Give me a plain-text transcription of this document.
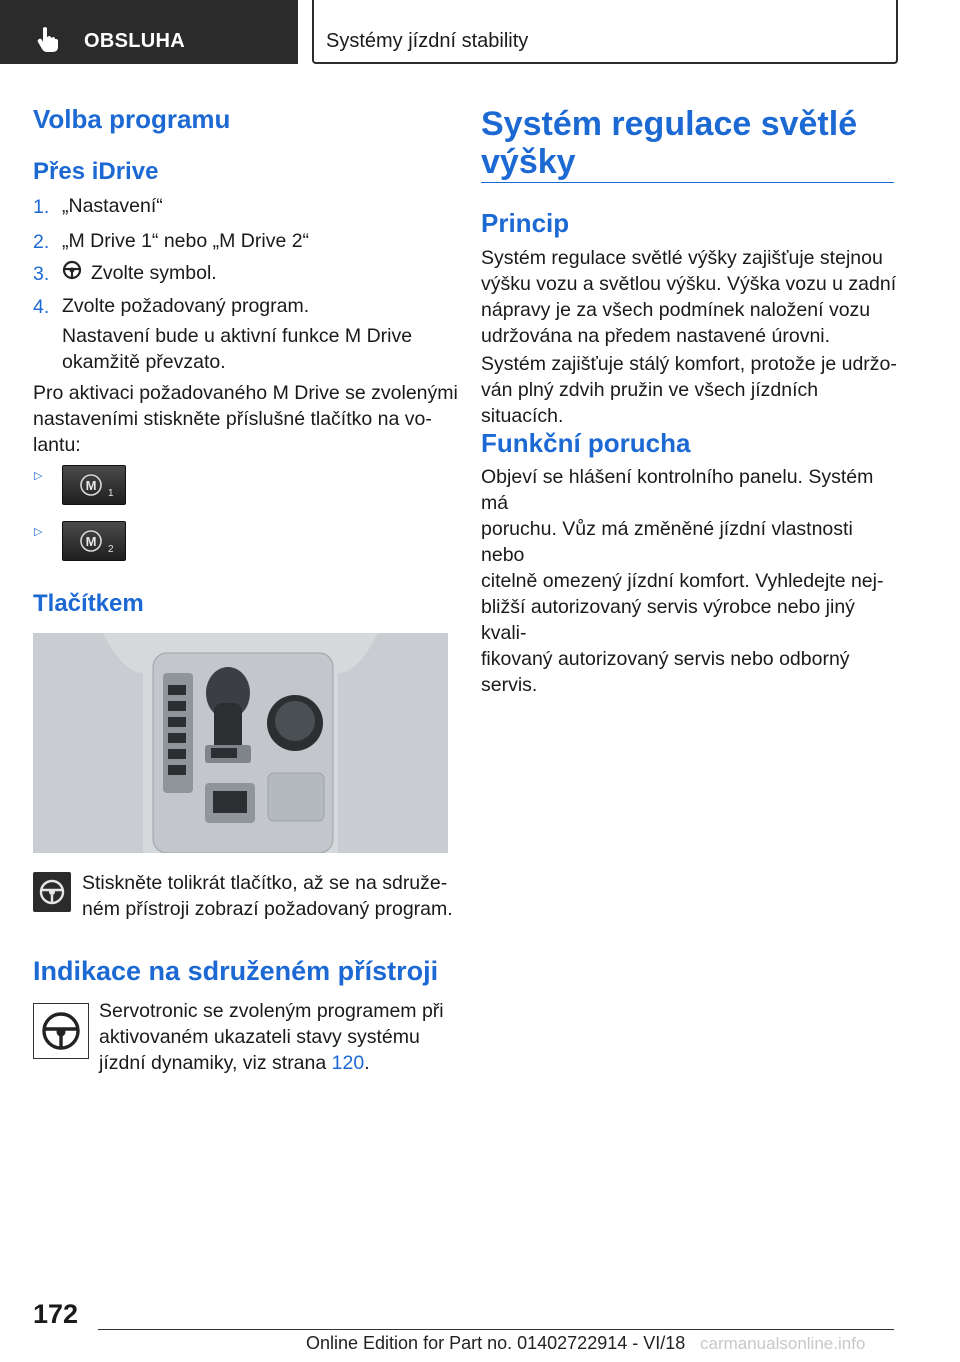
OBSLUHA	Systémy jízdní stability
Volba programu
Přes iDrive
1. „Nastavení“
2. „M Drive 1“ nebo „M Drive 2“
3. Zvolte symbol.
4. Zvolte požadovaný program.
Nastavení bude u aktivní funkce M Drive
okamžitě převzato.
Pro aktivaci požadovaného M Drive se zvolenými
nastaveními stiskněte příslušné tlačítko na vo-
lantu:
▷
M
1
▷
M
2
Tlačítkem
Stiskněte tolikrát tlačítko, až se na sdruže-
ném přístroji zobrazí požadovaný program.
Indikace na sdruženém přístroji
Servotronic se zvoleným programem při
aktivovaném ukazateli stavy systému
jízdní dynamiky, viz strana 120.
Systém regulace světlé
výšky
Princip
Systém regulace světlé výšky zajišťuje stejnou
výšku vozu a světlou výšku. Výška vozu u zadní
nápravy je za všech podmínek naložení vozu
udržována na předem nastavené úrovni.
Systém zajišťuje stálý komfort, protože je udržo-
ván plný zdvih pružin ve všech jízdních situacích.
Funkční porucha
Objeví se hlášení kontrolního panelu. Systém má
poruchu. Vůz má změněné jízdní vlastnosti nebo
citelně omezený jízdní komfort. Vyhledejte nej-
bližší autorizovaný servis výrobce nebo jiný kvali-
fikovaný autorizovaný servis nebo odborný servis.
172
Online Edition for Part no. 01402722914 - VI/18 carmanualsonline.info
